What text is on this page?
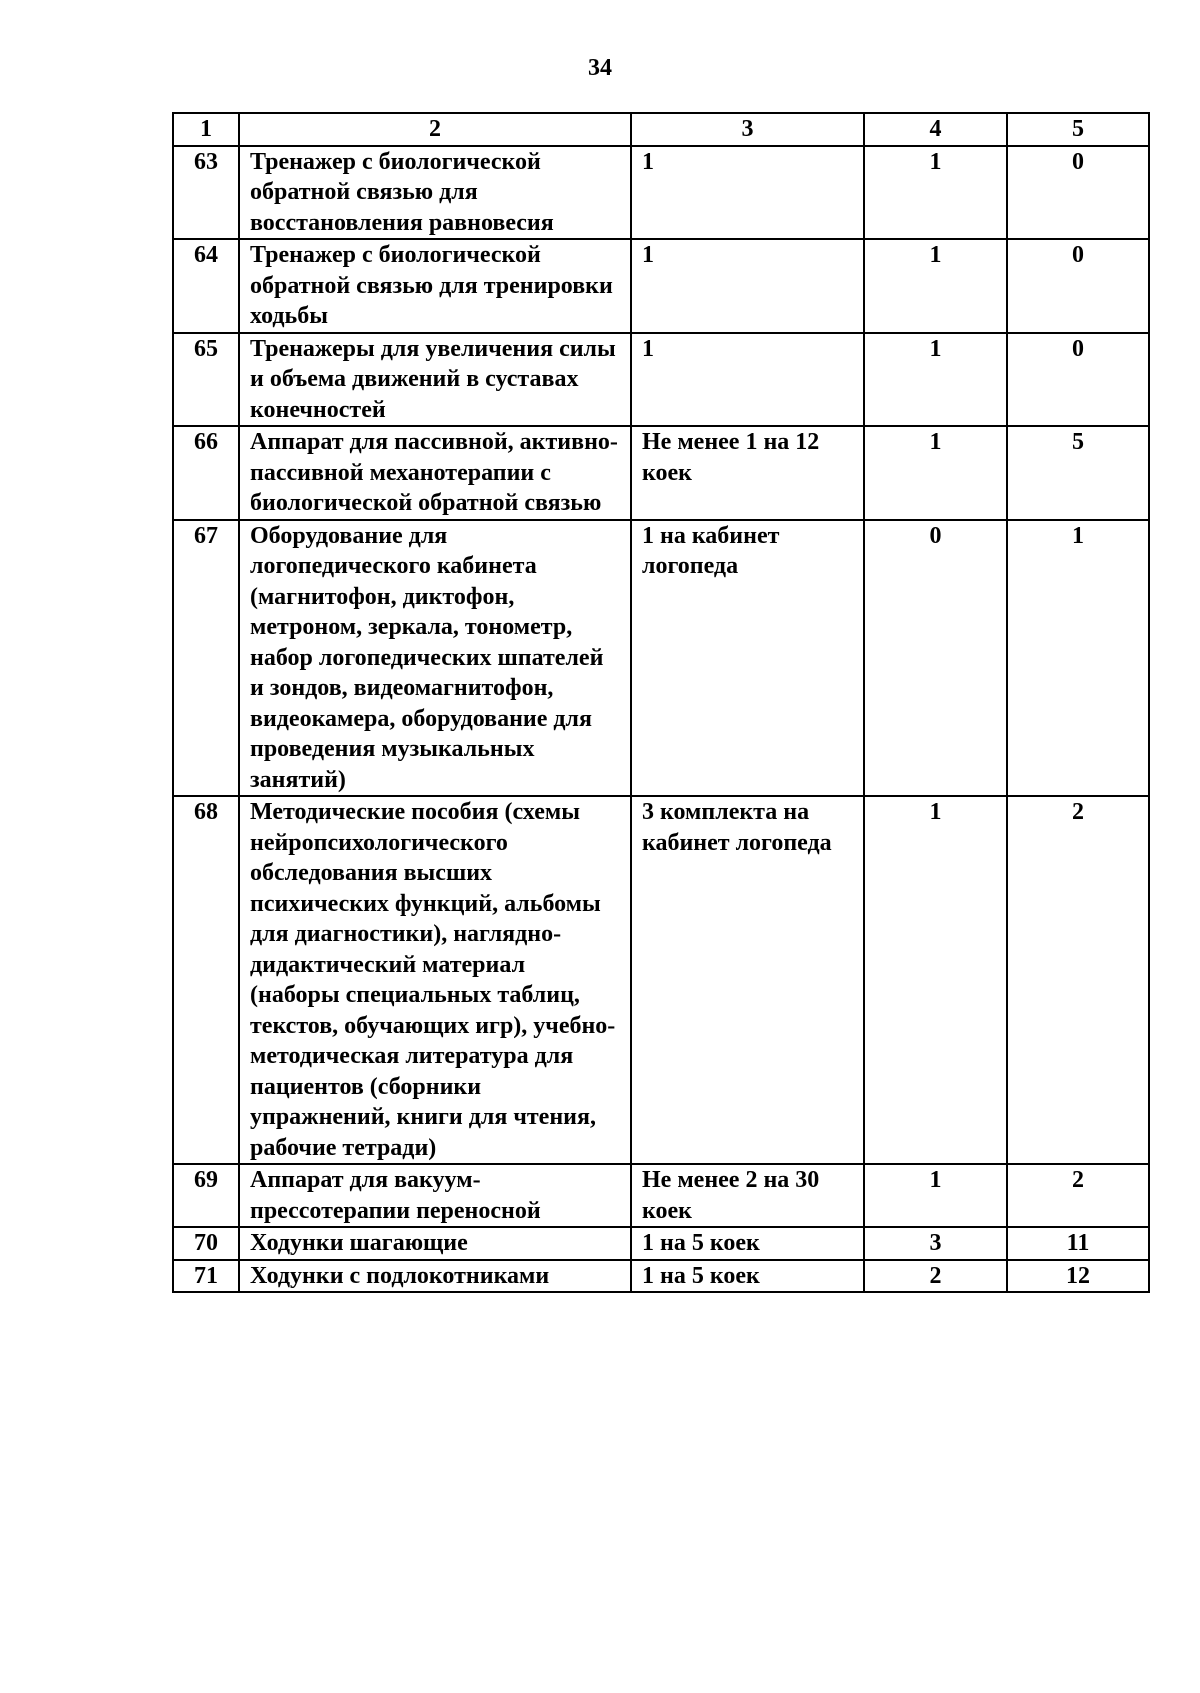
34
1	2	3	4	5
63	Тренажер с биологической обратной связью для восстановления равновесия	1	1	0
64	Тренажер с биологической обратной связью для тренировки ходьбы	1	1	0
65	Тренажеры для увеличения силы и объема движений в суставах конечностей	1	1	0
66	Аппарат для пассивной, активно-пассивной механотерапии с биологической обратной связью	Не менее 1 на 12 коек	1	5
67	Оборудование для логопедического кабинета (магнитофон, диктофон, метроном, зеркала, тонометр, набор логопедических шпателей и зондов, видеомагнитофон, видеокамера, оборудование для проведения музыкальных занятий)	1 на кабинет логопеда	0	1
68	Методические пособия (схемы нейропсихологического обследования высших психических функций, альбомы для диагностики), наглядно-дидактический материал (наборы специальных таблиц, текстов, обучающих игр), учебно-методическая литература для пациентов (сборники упражнений, книги для чтения, рабочие тетради)	3 комплекта на кабинет логопеда	1	2
69	Аппарат для вакуум-прессотерапии переносной	Не менее 2 на 30 коек	1	2
70	Ходунки шагающие	1 на 5 коек	3	11
71	Ходунки с подлокотниками	1 на 5 коек	2	12
